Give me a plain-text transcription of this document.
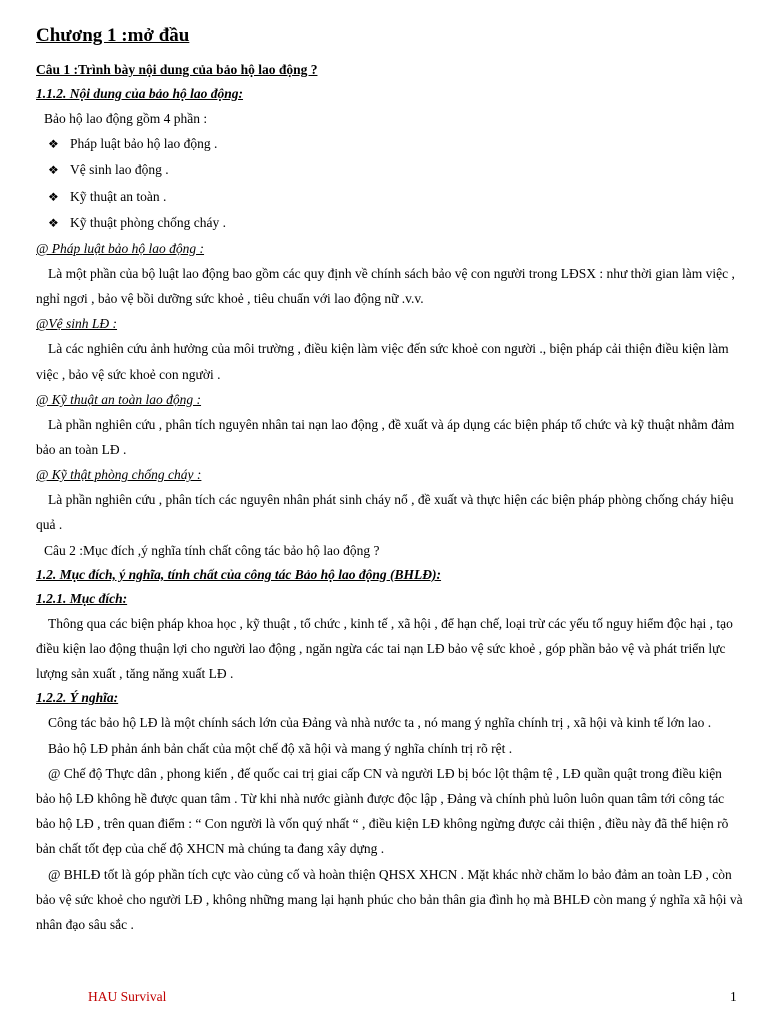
Chương 1 :mở đầu
Câu 1 :Trình bày nội dung của bảo hộ lao động ?
1.1.2. Nội dung của bảo hộ lao động:
Bảo hộ lao động gồm 4 phần :
❖ Pháp luật bảo hộ lao động .
❖ Vệ sinh lao động .
❖ Kỹ thuật an toàn .
❖ Kỹ thuật phòng chống cháy .
@ Pháp luật bảo hộ lao động :
Là một phần của bộ luật lao động bao gồm các quy định về chính sách bảo vệ con người trong LĐSX : như thời gian làm việc , nghỉ ngơi , bảo vệ bồi dưỡng sức khoẻ , tiêu chuẩn với lao động nữ .v.v.
@Vệ sinh LĐ :
Là các nghiên cứu ảnh hưởng của môi trường , điều kiện làm việc đến sức khoẻ con người ., biện pháp cải thiện điều kiện làm việc , bảo vệ sức khoẻ con người .
@ Kỹ thuật an toàn lao động :
Là phần nghiên cứu , phân tích nguyên nhân tai nạn lao động , đề xuất và áp dụng các biện pháp tổ chức và kỹ thuật nhằm đảm bảo an toàn LĐ .
@ Kỹ thật phòng chống cháy :
Là phần nghiên cứu , phân tích các nguyên nhân phát sinh cháy nổ , đề xuất và thực hiện các biện pháp phòng chống cháy hiệu quả .
Câu 2 :Mục đích ,ý nghĩa tính chất công tác bảo hộ lao động ?
1.2. Mục đích, ý nghĩa, tính chất của công tác Bảo hộ lao động (BHLĐ):
1.2.1. Mục đích:
Thông qua các biện pháp khoa học , kỹ thuật , tổ chức , kinh tế , xã hội , để hạn chế, loại trừ các yếu tố nguy hiểm độc hại , tạo điều kiện lao động thuận lợi cho người lao động , ngăn ngừa các tai nạn LĐ bảo vệ sức khoẻ , góp phần bảo vệ và phát triển lực lượng sản xuất , tăng năng xuất LĐ .
1.2.2. Ý nghĩa:
Công tác bảo hộ LĐ là một chính sách lớn của Đảng và nhà nước ta , nó mang ý nghĩa chính trị , xã hội và kinh tế lớn lao .
Bảo hộ LĐ phản ánh bản chất của một chế độ xã hội và mang ý nghĩa chính trị rõ rệt .
@ Chế độ Thực dân , phong kiến , đế quốc cai trị giai cấp CN và người LĐ bị bóc lột thậm tệ , LĐ quần quật trong điều kiện bảo hộ LĐ không hề được quan tâm . Từ khi nhà nước giành được độc lập , Đảng và chính phủ luôn luôn quan tâm tới công tác bảo hộ LĐ , trên quan điểm : “ Con người là vốn quý nhất “ , điều kiện LĐ không ngừng được cải thiện , điều này đã thể hiện rõ bản chất tốt đẹp của chế độ XHCN mà chúng ta đang xây dựng .
@ BHLĐ tốt là góp phần tích cực vào củng cố và hoàn thiện QHSX XHCN . Mặt khác nhờ chăm lo bảo đảm an toàn LĐ , còn bảo vệ sức khoẻ cho người LĐ , không những mang lại hạnh phúc cho bản thân gia đình họ mà BHLĐ còn mang ý nghĩa xã hội và nhân đạo sâu sắc .
HAU Survival	1
